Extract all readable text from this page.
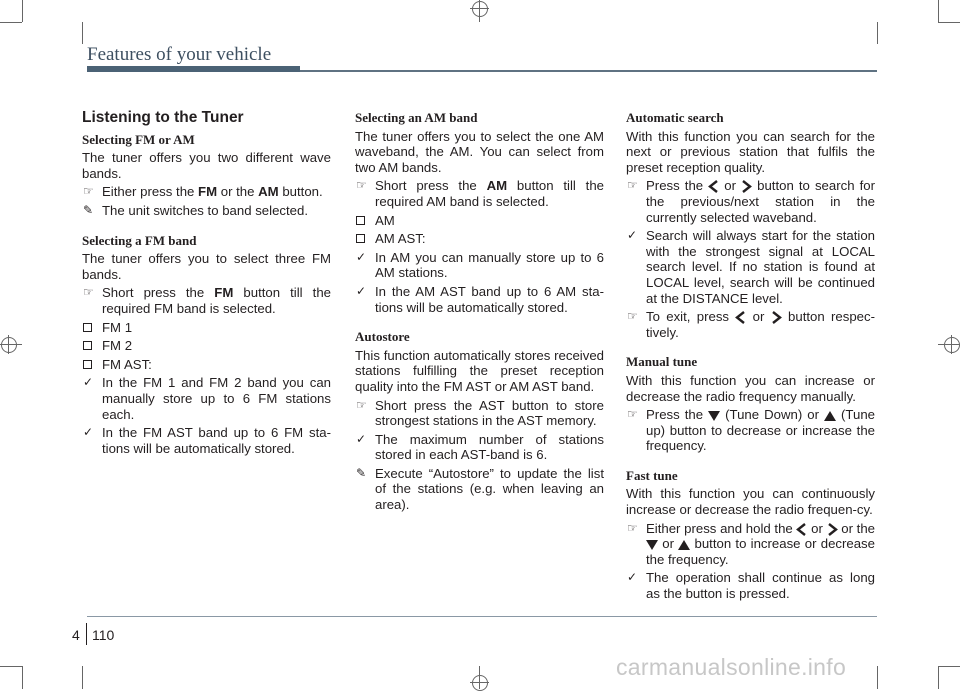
Features of your vehicle
Listening to the Tuner
Selecting FM or AM
The tuner offers you two different wave bands.
☞ Either press the FM or the AM button.
✎ The unit switches to band selected.
Selecting a FM band
The tuner offers you to select three FM bands.
☞ Short press the FM button till the required FM band is selected.
FM 1
FM 2
FM AST:
✓ In the FM 1 and FM 2 band you can manually store up to 6 FM stations each.
✓ In the FM AST band up to 6 FM sta-tions will be automatically stored.
Selecting an AM band
The tuner offers you to select the one AM waveband, the AM. You can select from two AM bands.
☞ Short press the AM button till the required AM band is selected.
AM
AM AST:
✓ In AM you can manually store up to 6 AM stations.
✓ In the AM AST band up to 6 AM sta-tions will be automatically stored.
Autostore
This function automatically stores received stations fulfilling the preset reception quality into the FM AST or AM AST band.
☞ Short press the AST button to store strongest stations in the AST memory.
✓ The maximum number of stations stored in each AST-band is 6.
✎ Execute “Autostore” to update the list of the stations (e.g. when leaving an area).
Automatic search
With this function you can search for the next or previous station that fulfils the preset reception quality.
☞ Press the  or  button to search for the previous/next station in the currently selected waveband.
✓ Search will always start for the station with the strongest signal at LOCAL search level. If no station is found at LOCAL level, search will be continued at the DISTANCE level.
☞ To exit, press  or  button respec-tively.
Manual tune
With this function you can increase or decrease the radio frequency manually.
☞ Press the  (Tune Down) or  (Tune up) button to decrease or increase the frequency.
Fast tune
With this function you can continuously increase or decrease the radio frequen-cy.
☞ Either press and hold the  or  or the  or  button to increase or decrease the frequency.
✓ The operation shall continue as long as the button is pressed.
4 110
carmanualsonline.info
